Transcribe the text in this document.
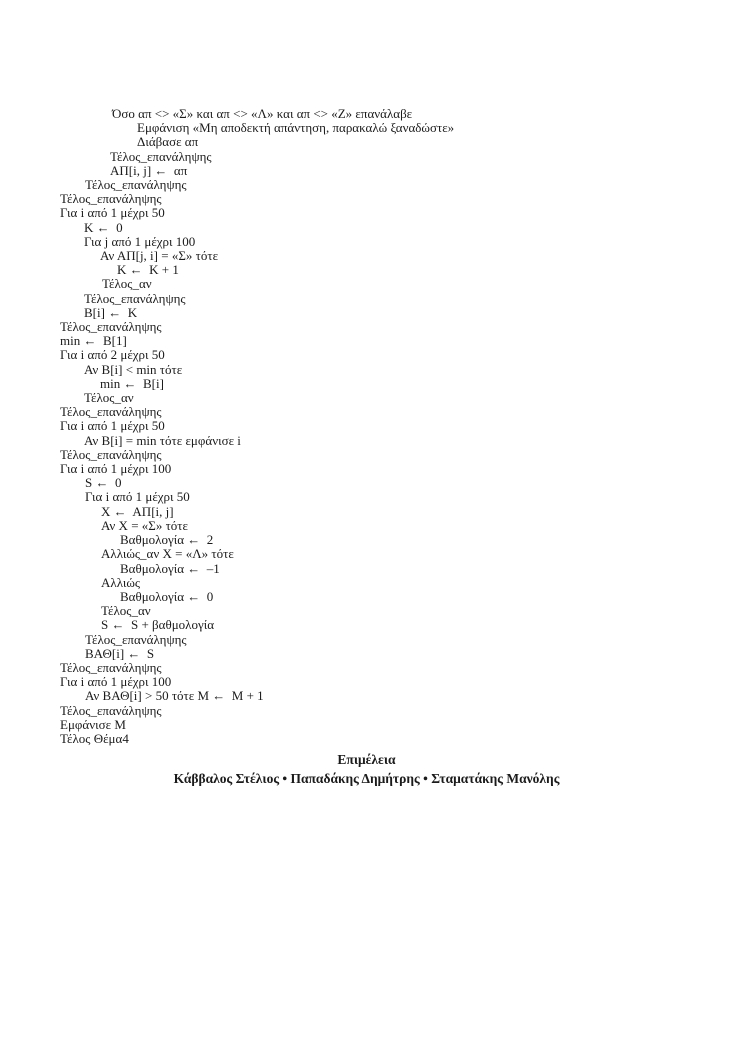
Όσο απ <> «Σ» και απ <> «Λ» και απ <> «Ζ» επανάλαβε
Εμφάνιση «Μη αποδεκτή απάντηση, παρακαλώ ξαναδώστε»
Διάβασε απ
Τέλος_επανάληψης
ΑΠ[i, j] ←  απ
Τέλος_επανάληψης
Τέλος_επανάληψης
Για i από 1 μέχρι 50
Κ ←  0
Για j από 1 μέχρι 100
Αν ΑΠ[j, i] = «Σ» τότε
Κ ←  Κ + 1
Τέλος_αν
Τέλος_επανάληψης
Β[i] ←  Κ
Τέλος_επανάληψης
min ←  Β[1]
Για i από 2 μέχρι 50
Αν Β[i] < min τότε
min ←  Β[i]
Τέλος_αν
Τέλος_επανάληψης
Για i από 1 μέχρι 50
Αν Β[i] = min τότε εμφάνισε i
Τέλος_επανάληψης
Για i από 1 μέχρι 100
S ←  0
Για i από 1 μέχρι 50
Χ ←  ΑΠ[i, j]
Αν Χ = «Σ» τότε
Βαθμολογία ←  2
Αλλιώς_αν Χ = «Λ» τότε
Βαθμολογία ←  –1
Αλλιώς
Βαθμολογία ←  0
Τέλος_αν
S ←  S + βαθμολογία
Τέλος_επανάληψης
ΒΑΘ[i] ←  S
Τέλος_επανάληψης
Για i από 1 μέχρι 100
Αν ΒΑΘ[i] > 50 τότε Μ ←  Μ + 1
Τέλος_επανάληψης
Εμφάνισε Μ
Τέλος Θέμα4
Επιμέλεια
Κάββαλος Στέλιος • Παπαδάκης Δημήτρης • Σταματάκης Μανόλης
